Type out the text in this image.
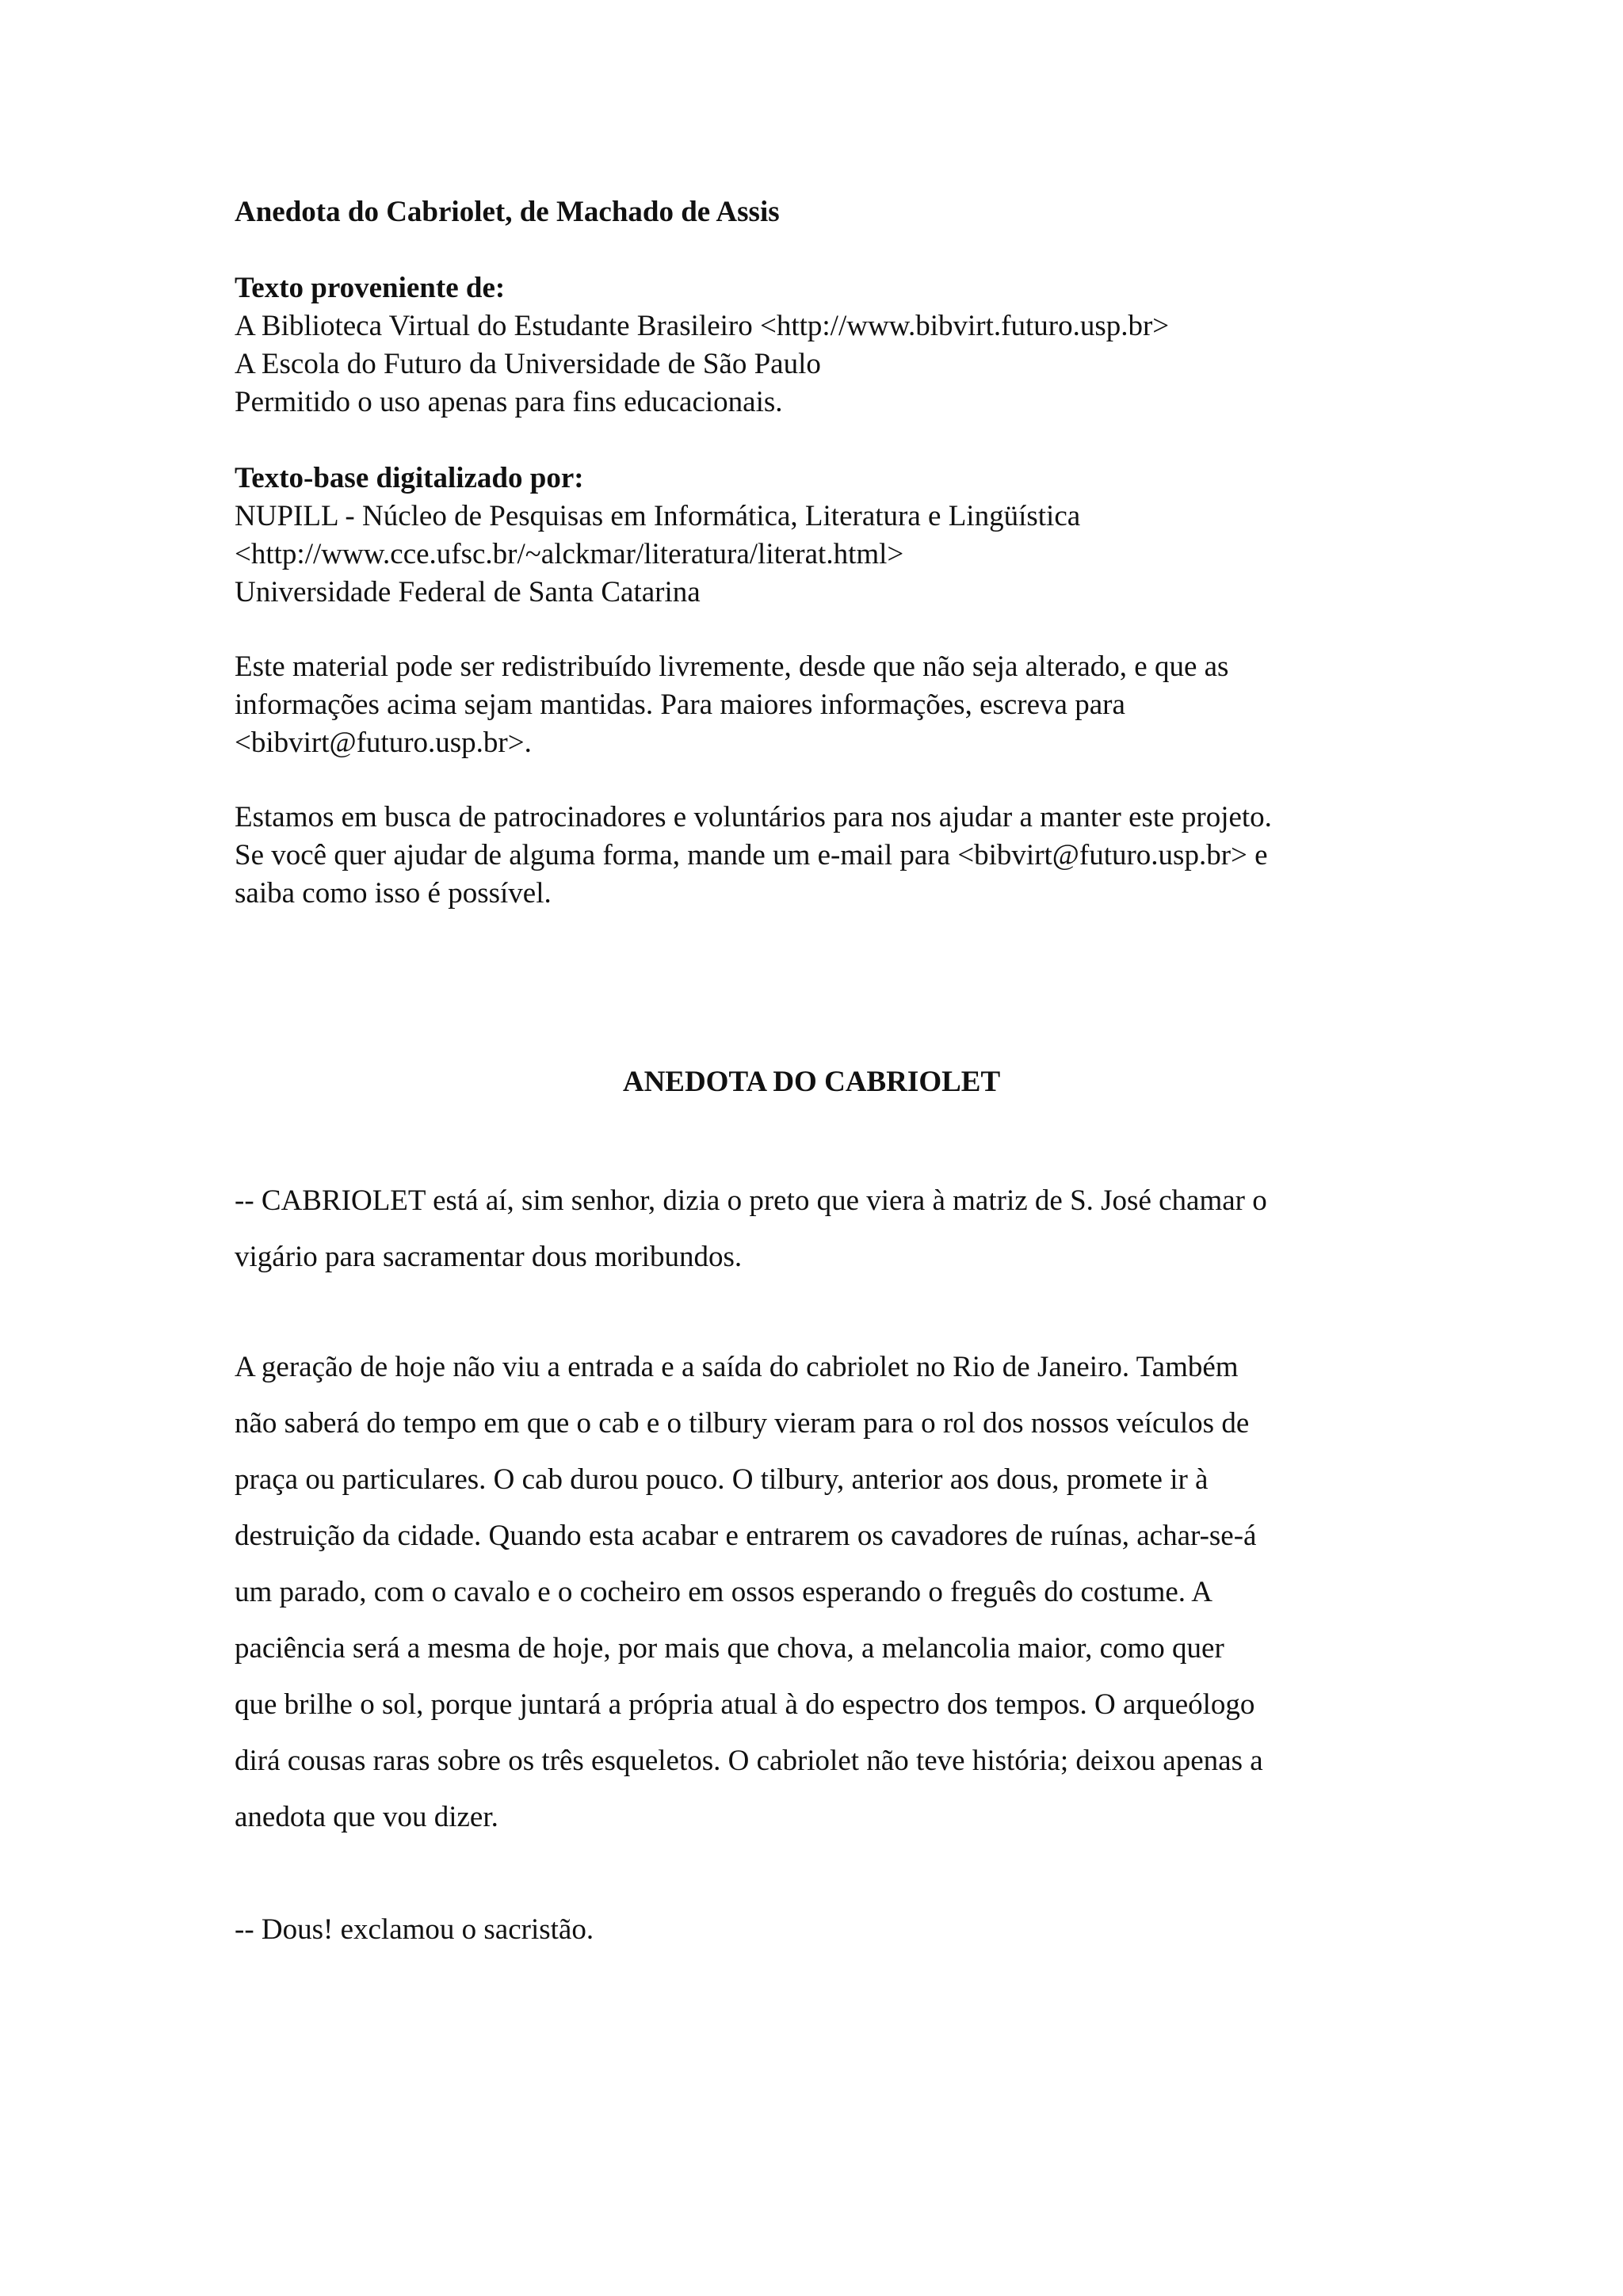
Anedota do Cabriolet, de Machado de Assis

Texto proveniente de:

A Biblioteca Virtual do Estudante Brasileiro <http://www.bibvirt.futuro.usp.br>

A Escola do Futuro da Universidade de São Paulo

Permitido o uso apenas para fins educacionais.

Texto-base digitalizado por:

NUPILL - Núcleo de Pesquisas em Informática, Literatura e Lingüística

<http://www.cce.ufsc.br/~alckmar/literatura/literat.html>

Universidade Federal de Santa Catarina

Este material pode ser redistribuído livremente, desde que não seja alterado, e que as

informações acima sejam mantidas. Para maiores informações, escreva para

<bibvirt@futuro.usp.br>.

Estamos em busca de patrocinadores e voluntários para nos ajudar a manter este projeto.

Se você quer ajudar de alguma forma, mande um e-mail para <bibvirt@futuro.usp.br> e

saiba como isso é possível.

ANEDOTA DO CABRIOLET

-- CABRIOLET está aí, sim senhor, dizia o preto que viera à matriz de S. José chamar o

vigário para sacramentar dous moribundos.

A geração de hoje não viu a entrada e a saída do cabriolet no Rio de Janeiro. Também

não saberá do tempo em que o cab e o tilbury vieram para o rol dos nossos veículos de

praça ou particulares. O cab durou pouco. O tilbury, anterior aos dous, promete ir à

destruição da cidade. Quando esta acabar e entrarem os cavadores de ruínas, achar-se-á

um parado, com o cavalo e o cocheiro em ossos esperando o freguês do costume. A

paciência será a mesma de hoje, por mais que chova, a melancolia maior, como quer

que brilhe o sol, porque juntará a própria atual à do espectro dos tempos. O arqueólogo

dirá cousas raras sobre os três esqueletos. O cabriolet não teve história; deixou apenas a

anedota que vou dizer.

-- Dous! exclamou o sacristão.
